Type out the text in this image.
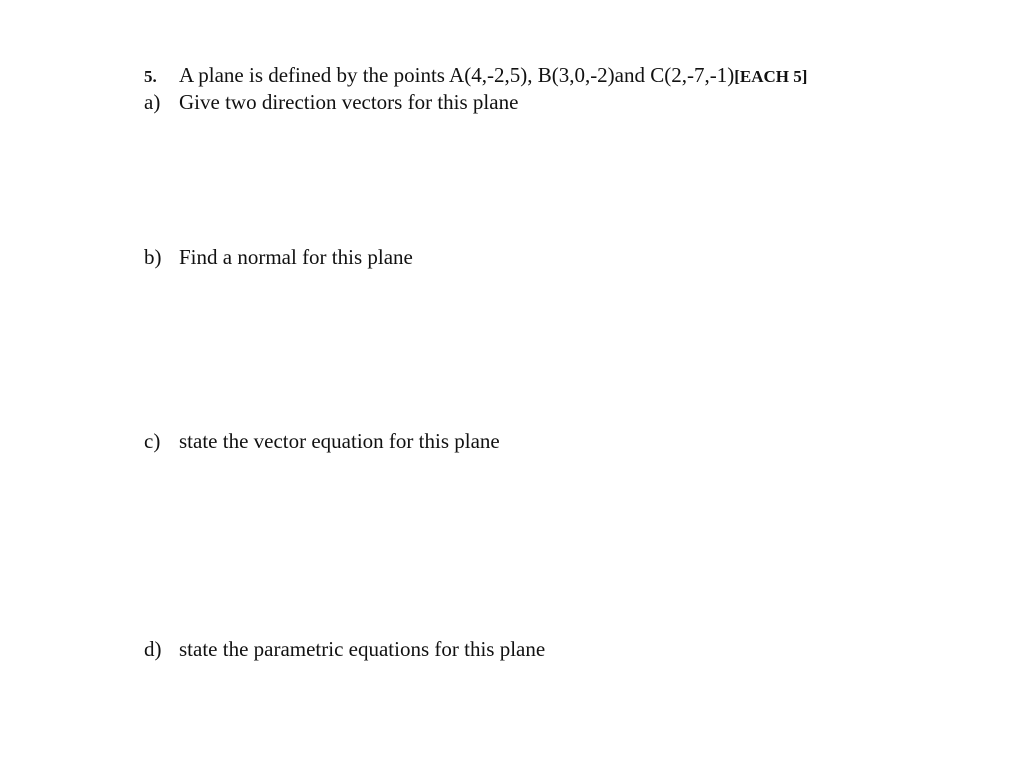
5.	A plane is defined by the points A(4,-2,5), B(3,0,-2)and C(2,-7,-1) [EACH 5]
a) Give two direction vectors for this plane
b) Find a normal for this plane
c) state the vector equation for this plane
d) state the parametric equations for this plane
